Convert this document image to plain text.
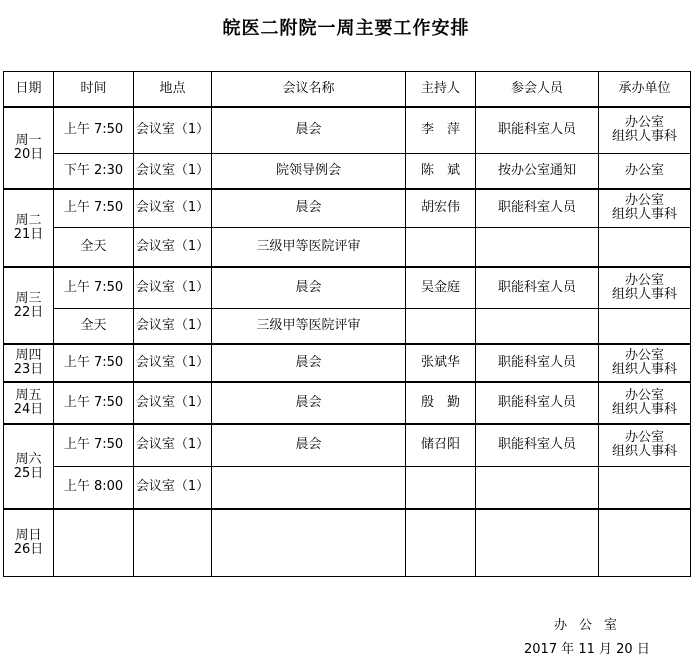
皖医二附院一周主要工作安排
日期	时间	地点	会议名称	主持人	参会人员	承办单位
周一
20日	上午 7:50	会议室（1）	晨会	李　萍	职能科室人员	办公室
组织人事科
	下午 2:30	会议室（1）	院领导例会	陈　斌	按办公室通知	办公室
周二
21日	上午 7:50	会议室（1）	晨会	胡宏伟	职能科室人员	办公室
组织人事科
	全天	会议室（1）	三级甲等医院评审			
周三
22日	上午 7:50	会议室（1）	晨会	吴金庭	职能科室人员	办公室
组织人事科
	全天	会议室（1）	三级甲等医院评审			
周四
23日	上午 7:50	会议室（1）	晨会	张斌华	职能科室人员	办公室
组织人事科
周五
24日	上午 7:50	会议室（1）	晨会	殷　勤	职能科室人员	办公室
组织人事科
周六
25日	上午 7:50	会议室（1）	晨会	储召阳	职能科室人员	办公室
组织人事科
	上午 8:00	会议室（1）				
周日
26日						
办公室
2017 年 11 月 20 日
